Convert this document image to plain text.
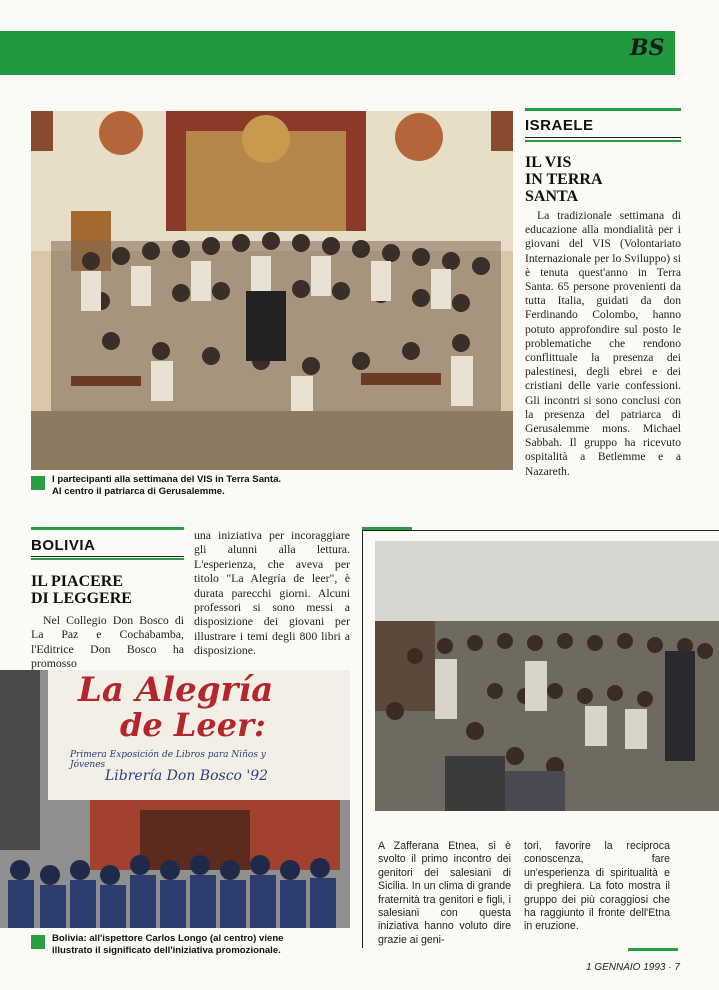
BS
I partecipanti alla settimana del VIS in Terra Santa.
Al centro il patriarca di Gerusalemme.
ISRAELE
IL VIS
IN TERRA
SANTA
La tradizionale settimana di educazione alla mondialità per i giovani del VIS (Volontariato Internazionale per lo Sviluppo) si è tenuta quest'anno in Terra Santa. 65 persone provenienti da tutta Italia, guidati da don Ferdinando Colombo, hanno potuto approfondire sul posto le problematiche che rendono conflittuale la presenza dei palestinesi, degli ebrei e dei cristiani delle varie confessioni. Gli incontri si sono conclusi con la presenza del patriarca di Gerusalemme mons. Michael Sabbah. Il gruppo ha ricevuto ospitalità a Betlemme e a Nazareth.
BOLIVIA
IL PIACERE
DI LEGGERE
Nel Collegio Don Bosco di La Paz e Cochabamba, l'Editrice Don Bosco ha promosso
una iniziativa per incoraggiare gli alunni alla lettura. L'esperienza, che aveva per titolo "La Alegría de leer", è durata parecchi giorni. Alcuni professori si sono messi a disposizione dei giovani per illustrare i temi degli 800 libri a disposizione.
La Alegría
de Leer:
Primera Exposición de Libros para Niños y Jóvenes
Librería Don Bosco '92
Bolivia: all'ispettore Carlos Longo (al centro) viene
illustrato il significato dell'iniziativa promozionale.
A Zafferana Etnea, si è svolto il primo incontro dei genitori dei salesiani di Sicilia. In un clima di grande fraternità tra genitori e figli, i salesiani con questa iniziativa hanno voluto dire grazie ai geni-
tori, favorire la reciproca conoscenza, fare un'esperienza di spiritualità e di preghiera. La foto mostra il gruppo dei più coraggiosi che ha raggiunto il fronte dell'Etna in eruzione.
1 GENNAIO 1993 · 7
